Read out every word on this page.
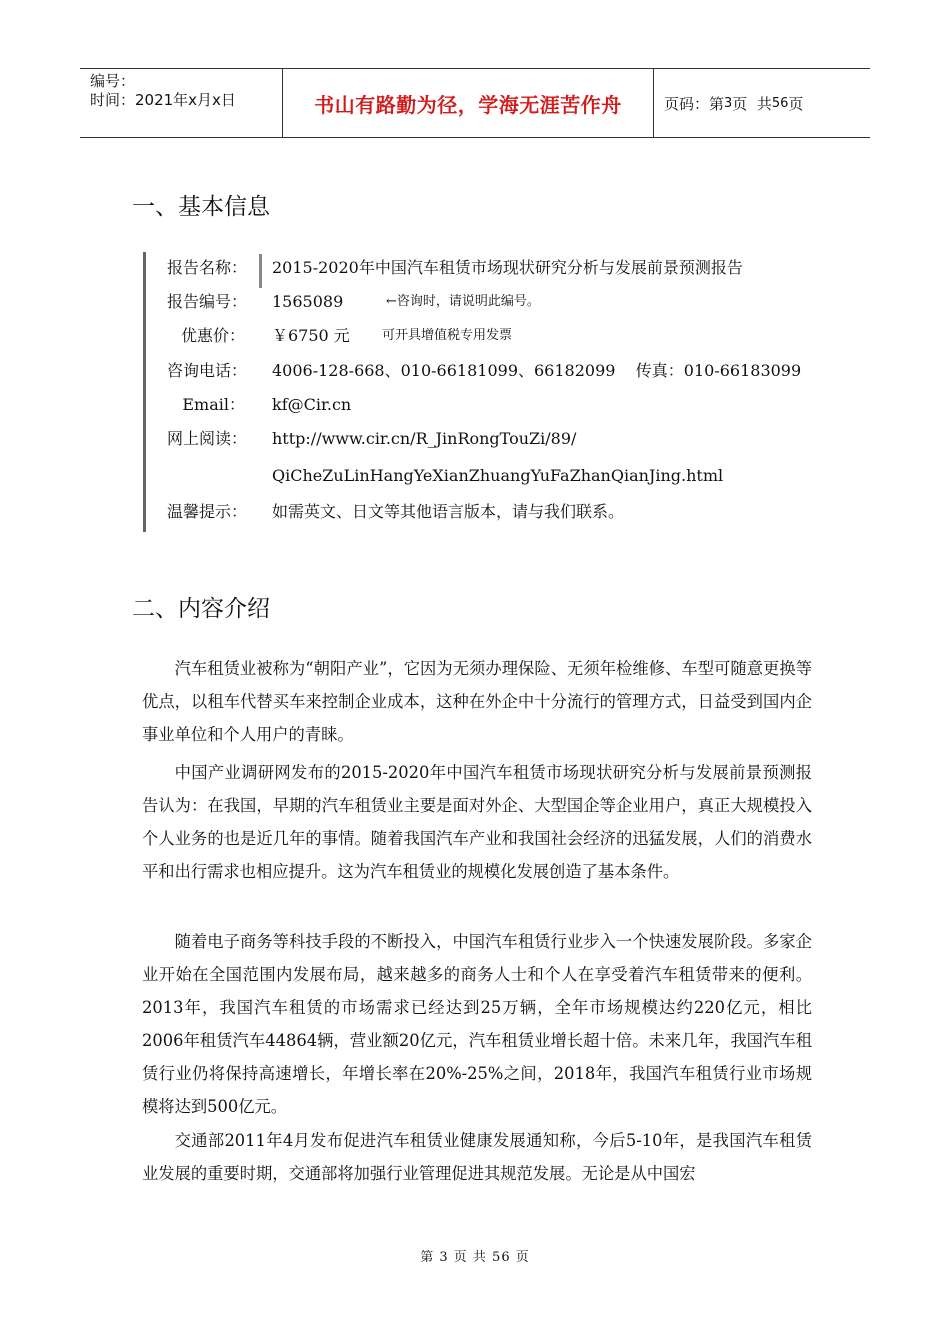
编号：
时间：2021年x月x日	书山有路勤为径，学海无涯苦作舟	页码：第 3 页  共 56 页
一、基本信息
报告名称： 2015-2020年中国汽车租赁市场现状研究分析与发展前景预测报告
报告编号： 1565089	←咨询时，请说明此编号。
优惠价： ￥6750 元 可开具增值税专用发票
咨询电话： 4006-128-668、010-66181099、66182099    传真：010-66183099
Email： kf@Cir.cn
网上阅读： http://www.cir.cn/R_JinRongTouZi/89/
QiCheZuLinHangYeXianZhuangYuFaZhanQianJing.html
温馨提示： 如需英文、日文等其他语言版本，请与我们联系。
二、内容介绍
汽车租赁业被称为“朝阳产业”，它因为无须办理保险、无须年检维修、车型可随意更换等优点，以租车代替买车来控制企业成本，这种在外企中十分流行的管理方式，日益受到国内企事业单位和个人用户的青睐。
中国产业调研网发布的2015-2020年中国汽车租赁市场现状研究分析与发展前景预测报告认为：在我国，早期的汽车租赁业主要是面对外企、大型国企等企业用户，真正大规模投入个人业务的也是近几年的事情。随着我国汽车产业和我国社会经济的迅猛发展，人们的消费水平和出行需求也相应提升。这为汽车租赁业的规模化发展创造了基本条件。
随着电子商务等科技手段的不断投入，中国汽车租赁行业步入一个快速发展阶段。多家企业开始在全国范围内发展布局，越来越多的商务人士和个人在享受着汽车租赁带来的便利。2013年，我国汽车租赁的市场需求已经达到25万辆，全年市场规模达约220亿元，相比2006年租赁汽车44864辆，营业额20亿元，汽车租赁业增长超十倍。未来几年，我国汽车租赁行业仍将保持高速增长，年增长率在20%-25%之间，2018年，我国汽车租赁行业市场规模将达到500亿元。
交通部2011年4月发布促进汽车租赁业健康发展通知称，今后5-10年，是我国汽车租赁业发展的重要时期，交通部将加强行业管理促进其规范发展。无论是从中国宏
第 3 页 共 56 页
